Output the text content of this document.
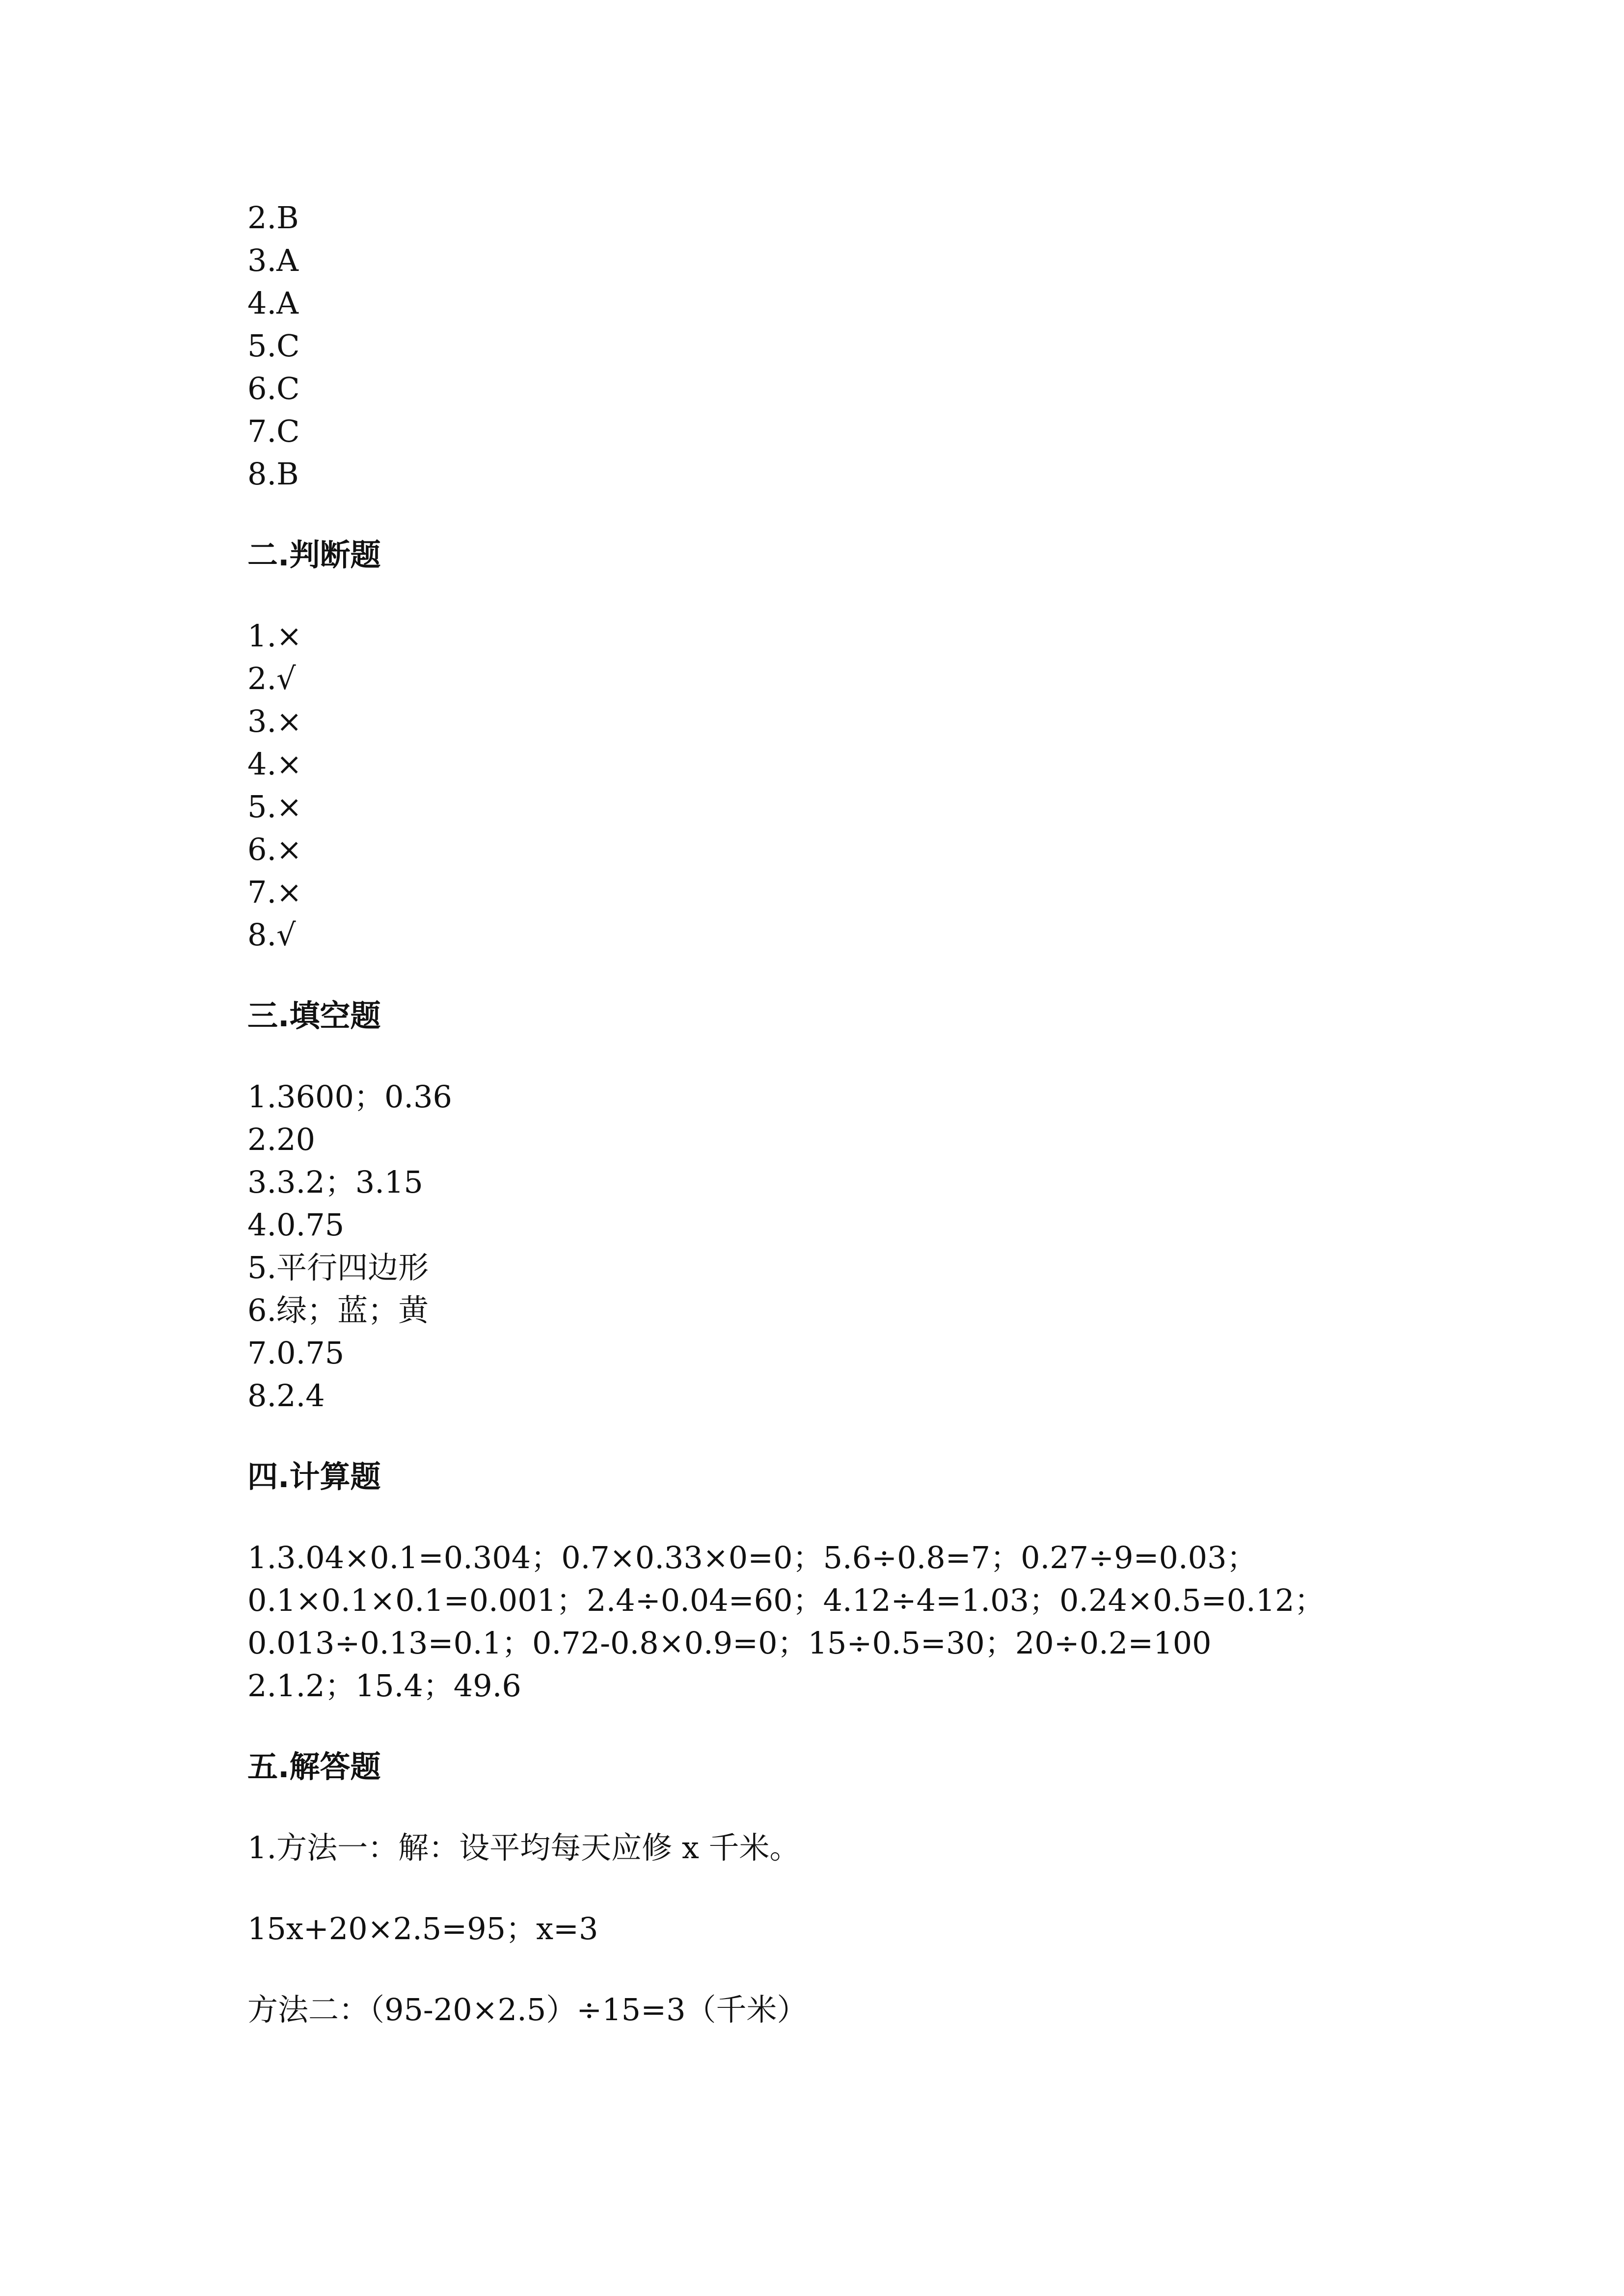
2.B
3.A
4.A
5.C
6.C
7.C
8.B
二.判断题
1.×
2.√
3.×
4.×
5.×
6.×
7.×
8.√
三.填空题
1.3600；0.36
2.20
3.3.2；3.15
4.0.75
5.平行四边形
6.绿；蓝；黄
7.0.75
8.2.4
四.计算题
1.3.04×0.1=0.304；0.7×0.33×0=0；5.6÷0.8=7；0.27÷9=0.03；
0.1×0.1×0.1=0.001；2.4÷0.04=60；4.12÷4=1.03；0.24×0.5=0.12；
0.013÷0.13=0.1；0.72-0.8×0.9=0；15÷0.5=30；20÷0.2=100
2.1.2；15.4；49.6
五.解答题
1.方法一：解：设平均每天应修 x 千米。
15x+20×2.5=95；x=3
方法二：（95-20×2.5）÷15=3（千米）
